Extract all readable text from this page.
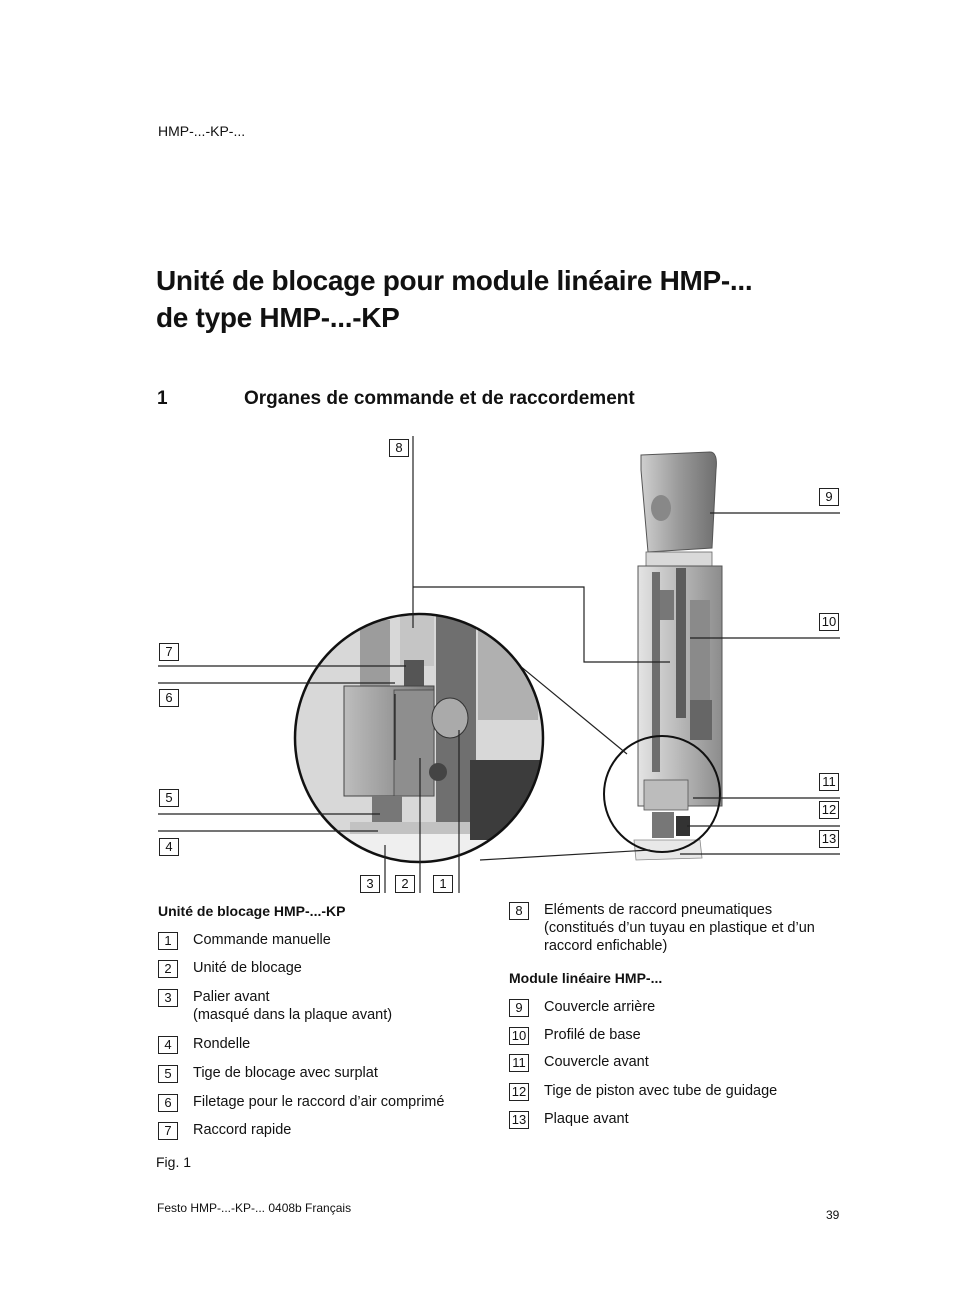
HMP-...-KP-...
Unité de blocage pour module linéaire HMP-...
de type HMP-...-KP
1	Organes de commande et de raccordement
8
9
10
7
6
5
4
11
12
13
3	2	1
Unité de blocage HMP-...-KP
1	Commande manuelle
2	Unité de blocage
3	Palier avant
(masqué dans la plaque avant)
4	Rondelle
5	Tige de blocage avec surplat
6	Filetage pour le raccord d’air comprimé
7	Raccord rapide
8	Eléments de raccord pneumatiques
(constitués d’un tuyau en plastique et d’un
raccord enfichable)
Module linéaire HMP-...
9	Couvercle arrière
10 Profilé de base
11 Couvercle avant
12 Tige de piston avec tube de guidage
13 Plaque avant
Fig. 1
Festo HMP-...-KP-... 0408b Français	39
